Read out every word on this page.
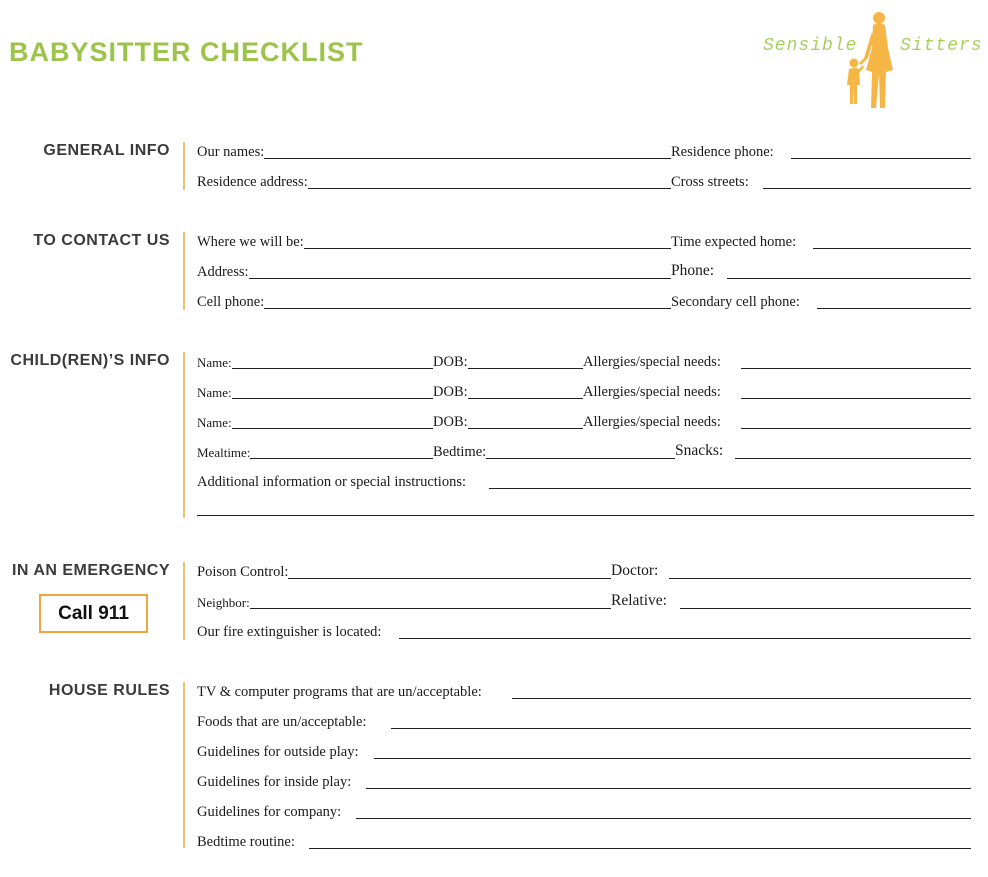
BABYSITTER CHECKLIST	Sensible Sitters
GENERAL INFO Our names:	Residence phone:
Residence address:	Cross streets:
TO CONTACT US Where we will be:	Time expected home:
Address:	Phone:
Cell phone:	Secondary cell phone:
CHILD(REN)’S INFO Name:	DOB:	Allergies/special needs:
Name:	DOB:	Allergies/special needs:
Name:	DOB:	Allergies/special needs:
Mealtime:	Bedtime:	Snacks:
Additional information or special instructions:
IN AN EMERGENCY
Call 911
Poison Control:	Doctor:
Neighbor:	Relative:
Our fire extinguisher is located:
HOUSE RULES TV & computer programs that are un/acceptable:
Foods that are un/acceptable:
Guidelines for outside play:
Guidelines for inside play:
Guidelines for company:
Bedtime routine:
